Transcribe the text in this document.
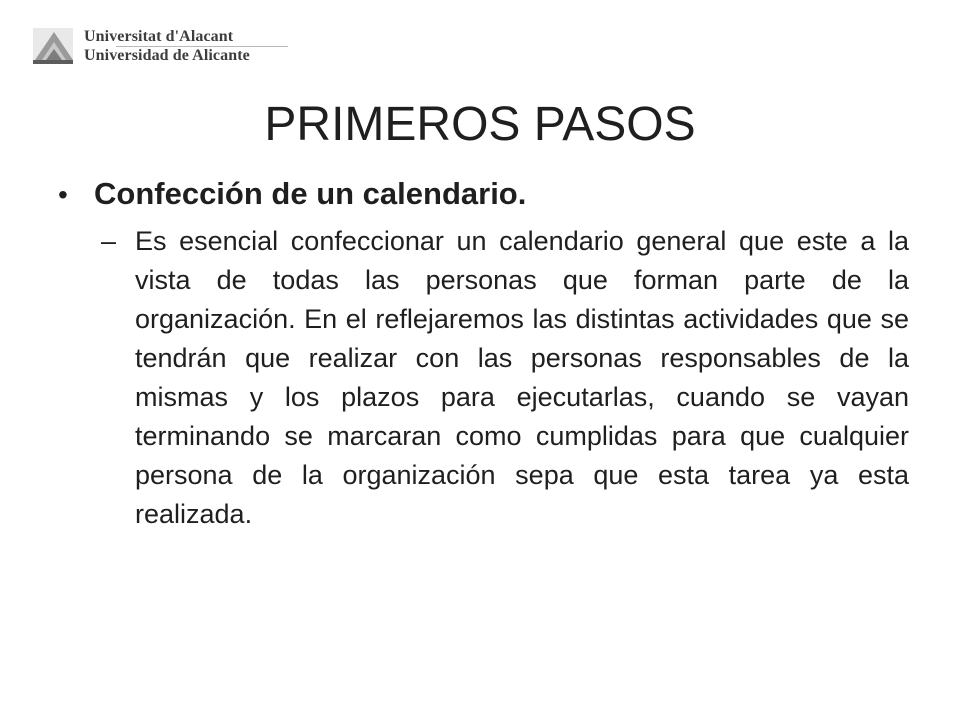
Universitat d'Alacant
Universidad de Alicante
PRIMEROS PASOS
• Confección de un calendario.
– Es esencial confeccionar un calendario general que este a la vista de todas las personas que forman parte de la organización. En el reflejaremos las distintas actividades que se tendrán que realizar con las personas responsables de la mismas y los plazos para ejecutarlas, cuando se vayan terminando se marcaran como cumplidas para que cualquier persona de la organización sepa que esta tarea ya esta realizada.
